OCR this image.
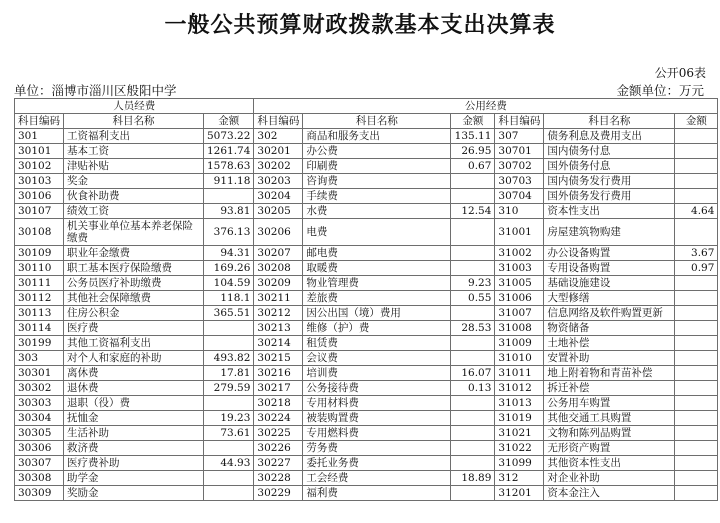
一般公共预算财政拨款基本支出决算表
公开06表
单位：淄博市淄川区般阳中学	金额单位：万元
人员经费			公用经费					
科目编码	科目名称	金额	科目编码	科目名称	金额	科目编码	科目名称	金额
301	工资福利支出	5073.22	302	商品和服务支出	135.11	307	债务利息及费用支出	
30101	基本工资	1261.74	30201	办公费	26.95	30701	国内债务付息	
30102	津贴补贴	1578.63	30202	印刷费	0.67	30702	国外债务付息	
30103	奖金	911.18	30203	咨询费		30703	国内债务发行费用	
30106	伙食补助费		30204	手续费		30704	国外债务发行费用	
30107	绩效工资	93.81	30205	水费	12.54	310	资本性支出	4.64
30108	机关事业单位基本养老保险缴费	376.13	30206	电费		31001	房屋建筑物购建	
30109	职业年金缴费	94.31	30207	邮电费		31002	办公设备购置	3.67
30110	职工基本医疗保险缴费	169.26	30208	取暖费		31003	专用设备购置	0.97
30111	公务员医疗补助缴费	104.59	30209	物业管理费	9.23	31005	基础设施建设	
30112	其他社会保障缴费	118.1	30211	差旅费	0.55	31006	大型修缮	
30113	住房公积金	365.51	30212	因公出国（境）费用		31007	信息网络及软件购置更新	
30114	医疗费		30213	维修（护）费	28.53	31008	物资储备	
30199	其他工资福利支出		30214	租赁费		31009	土地补偿	
303	对个人和家庭的补助	493.82	30215	会议费		31010	安置补助	
30301	离休费	17.81	30216	培训费	16.07	31011	地上附着物和青苗补偿	
30302	退休费	279.59	30217	公务接待费	0.13	31012	拆迁补偿	
30303	退职（役）费		30218	专用材料费		31013	公务用车购置	
30304	抚恤金	19.23	30224	被装购置费		31019	其他交通工具购置	
30305	生活补助	73.61	30225	专用燃料费		31021	文物和陈列品购置	
30306	救济费		30226	劳务费		31022	无形资产购置	
30307	医疗费补助	44.93	30227	委托业务费		31099	其他资本性支出	
30308	助学金		30228	工会经费	18.89	312	对企业补助	
30309	奖励金		30229	福利费		31201	资本金注入	
